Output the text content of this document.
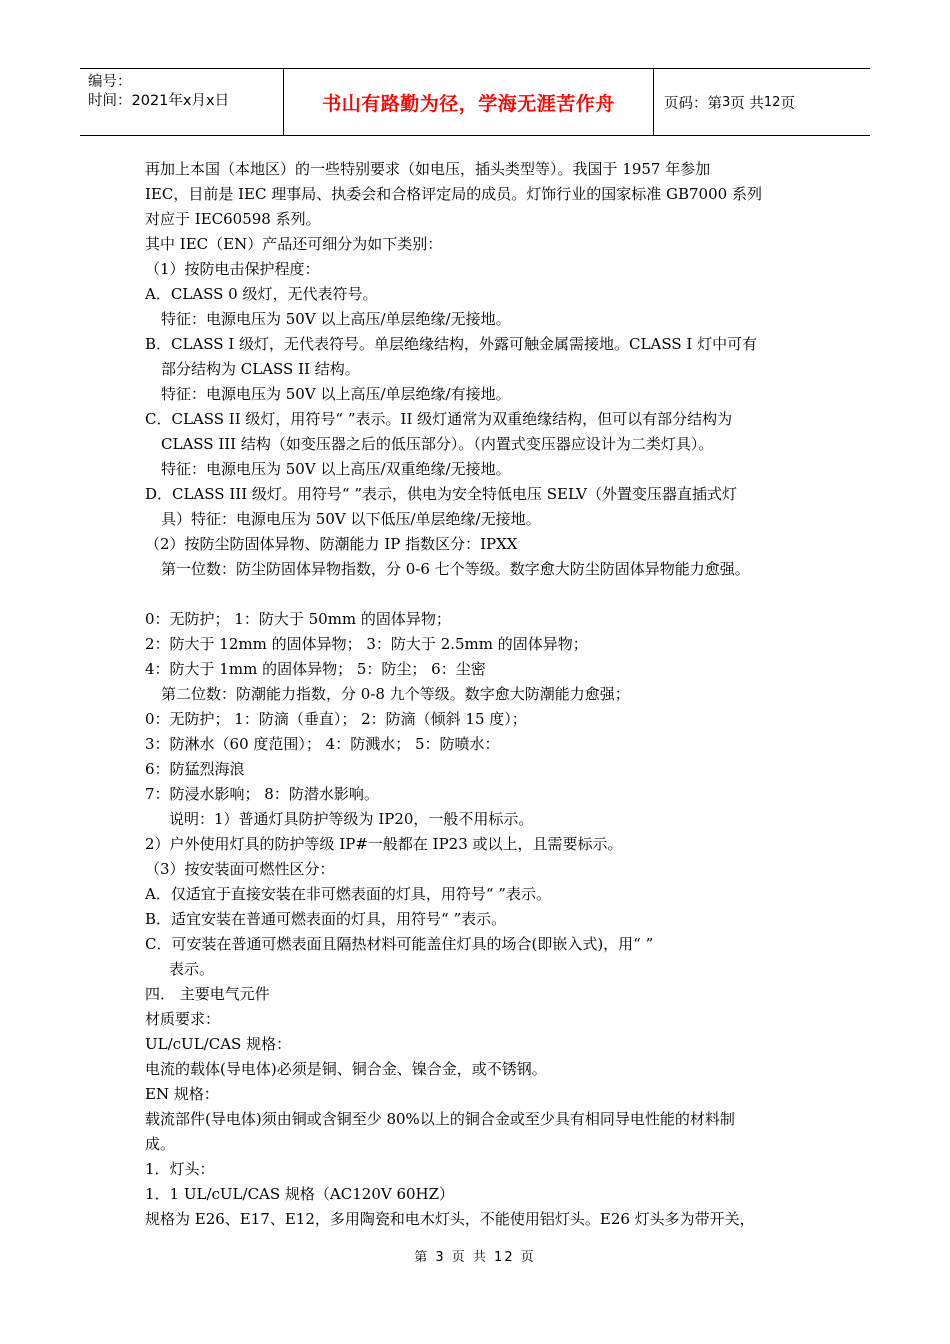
编号：
时间：2021年x月x日	书山有路勤为径，学海无涯苦作舟	页码：第 3 页 共 12 页
再加上本国（本地区）的一些特别要求（如电压，插头类型等）。我国于 1957 年参加
IEC，目前是 IEC 理事局、执委会和合格评定局的成员。灯饰行业的国家标准 GB7000 系列
对应于 IEC60598 系列。
其中 IEC（EN）产品还可细分为如下类别：
（1）按防电击保护程度：
A．CLASS 0 级灯，无代表符号。
特征：电源电压为 50V 以上高压/单层绝缘/无接地。
B．CLASS I 级灯，无代表符号。单层绝缘结构，外露可触金属需接地。CLASS I 灯中可有
部分结构为 CLASS II 结构。
特征：电源电压为 50V 以上高压/单层绝缘/有接地。
C．CLASS II 级灯，用符号“ ”表示。II 级灯通常为双重绝缘结构，但可以有部分结构为
CLASS III 结构（如变压器之后的低压部分）。（内置式变压器应设计为二类灯具）。
特征：电源电压为 50V 以上高压/双重绝缘/无接地。
D．CLASS III 级灯。用符号“ ”表示，供电为安全特低电压 SELV（外置变压器直插式灯
具）特征：电源电压为 50V 以下低压/单层绝缘/无接地。
（2）按防尘防固体异物、防潮能力 IP 指数区分：IPXX
第一位数：防尘防固体异物指数，分 0-6 七个等级。数字愈大防尘防固体异物能力愈强。
0：无防护； 1：防大于 50mm 的固体异物；
2：防大于 12mm 的固体异物； 3：防大于 2.5mm 的固体异物；
4：防大于 1mm 的固体异物； 5：防尘； 6：尘密
第二位数：防潮能力指数，分 0-8 九个等级。数字愈大防潮能力愈强；
0：无防护； 1：防滴（垂直）； 2：防滴（倾斜 15 度）；
3：防淋水（60 度范围）； 4：防溅水； 5：防喷水：
6：防猛烈海浪
7：防浸水影响； 8：防潜水影响。
说明：1）普通灯具防护等级为 IP20，一般不用标示。
2）户外使用灯具的防护等级 IP#一般都在 IP23 或以上，且需要标示。
（3）按安装面可燃性区分：
A．仅适宜于直接安装在非可燃表面的灯具，用符号“ ”表示。
B．适宜安装在普通可燃表面的灯具，用符号“ ”表示。
C．可安装在普通可燃表面且隔热材料可能盖住灯具的场合(即嵌入式)，用“ ”
表示。
四． 主要电气元件
材质要求：
UL/cUL/CAS 规格：
电流的载体(导电体)必须是铜、铜合金、镍合金，或不锈钢。
EN 规格：
载流部件(导电体)须由铜或含铜至少 80%以上的铜合金或至少具有相同导电性能的材料制
成。
1．灯头：
1．1 UL/cUL/CAS 规格（AC120V 60HZ）
规格为 E26、E17、E12，多用陶瓷和电木灯头，不能使用铝灯头。E26 灯头多为带开关，
第 3 页 共 12 页
